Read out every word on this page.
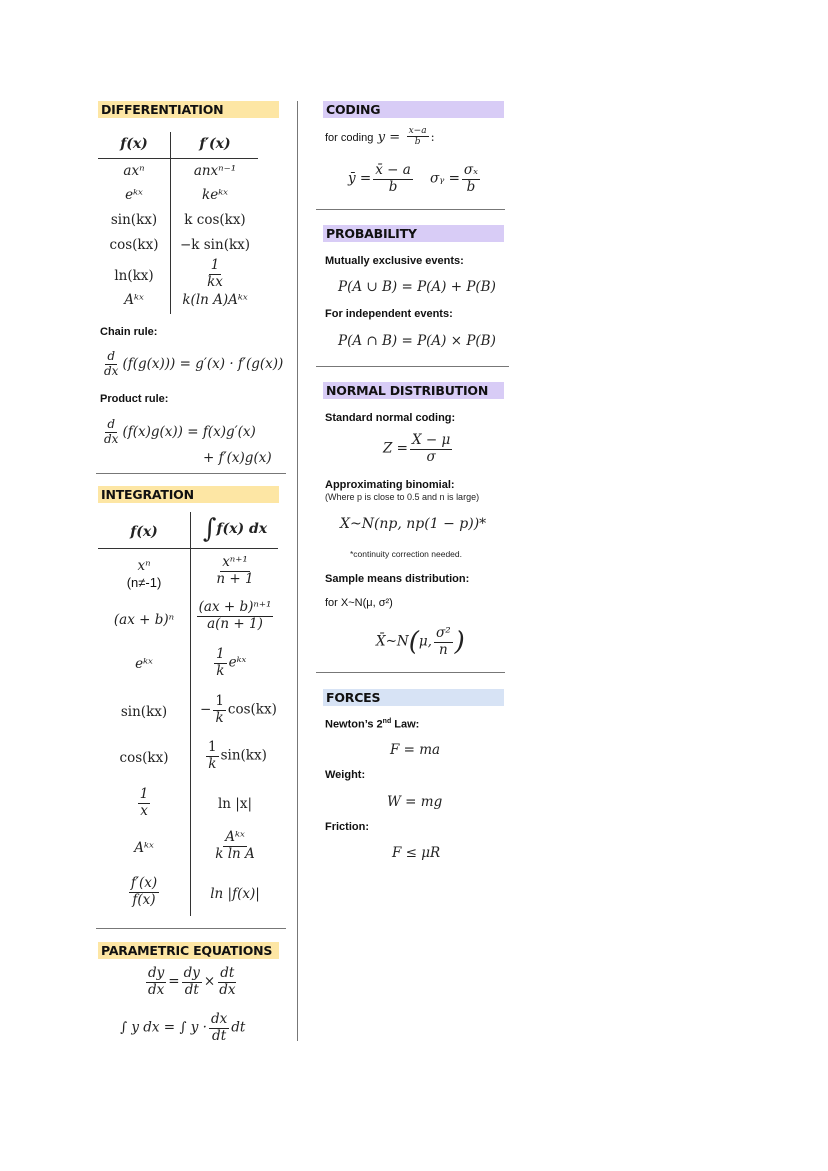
DIFFERENTIATION
f(x)	f′(x)
axⁿ	anxⁿ⁻¹
eᵏˣ	keᵏˣ
sin(kx)	k cos(kx)
cos(kx)	−k sin(kx)
ln(kx)	$\frac{1}{kx}$
Aᵏˣ	k(ln A)Aᵏˣ
Chain rule:
$\frac{d}{dx} (f(g(x))) = g'(x) \cdot f'(g(x))$
Product rule:
$\frac{d}{dx} (f(x)g(x)) = f(x)g'(x)$
+ f′(x)g(x)
INTEGRATION
f(x)	∫f(x) dx
xⁿ
(n≠-1)	$\frac{\text{xⁿ⁺¹}}{n + 1}$
(ax + b)ⁿ	$\frac{\text{(ax + b)ⁿ⁺¹}}{a(n + 1)}$
eᵏˣ	$\frac{1}{k}$ eᵏˣ
sin(kx)	− $\frac{1}{k} \cos(kx)$
cos(kx)	$\frac{1}{k} \sin(kx)$
$\frac{1}{x}$	ln |x|
Aᵏˣ	$\frac{\text{Aᵏˣ}}{\text{k ln A}}$
$\frac{f'(x)}{f(x)}$	ln |f(x)|
PARAMETRIC EQUATIONS
$\frac{dy}{dx} = \frac{dy}{dt} \times \frac{dt}{dx}$
∫ y dx = ∫ $y \cdot \frac{dx}{dt}$ dt
CODING
for coding $y = \frac{x-a}{b}$ :
ȳ = $\frac{x̄ - a}{b}$ σᵧ = $\frac{\text{σₓ}}{b}$
PROBABILITY
Mutually exclusive events:
P(A ∪ B) = P(A) + P(B)
For independent events:
P(A ∩ B) = P(A) × P(B)
NORMAL DISTRIBUTION
Standard normal coding:
$Z = \frac{X - \mu}{\sigma}$
Approximating binomial:
(Where p is close to 0.5 and n is large)
X~N(np, np(1 − p))*
*continuity correction needed.
Sample means distribution:
for X~N(μ, σ²)
X̄~N(μ, $\frac{\text{σ²}}{n}$ )
FORCES
Newton’s 2nd Law:
F = ma
Weight:
W = mg
Friction:
F ≤ μR
